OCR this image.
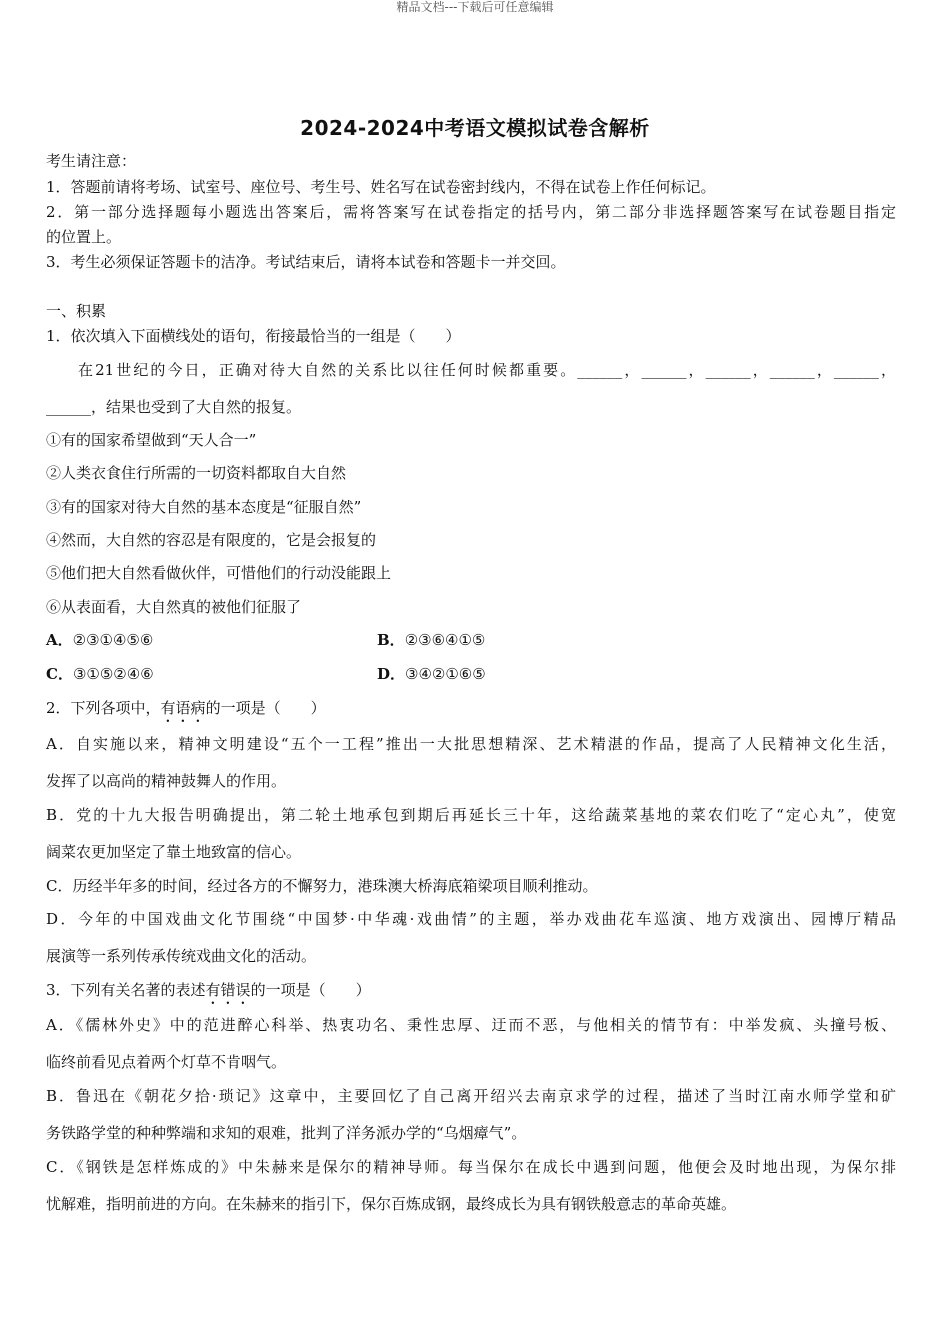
精品文档---下载后可任意编辑
2024-2024中考语文模拟试卷含解析
考生请注意：
1．答题前请将考场、试室号、座位号、考生号、姓名写在试卷密封线内，不得在试卷上作任何标记。
2．第一部分选择题每小题选出答案后，需将答案写在试卷指定的括号内，第二部分非选择题答案写在试卷题目指定
的位置上。
3．考生必须保证答题卡的洁净。考试结束后，请将本试卷和答题卡一并交回。
一、积累
1．依次填入下面横线处的语句，衔接最恰当的一组是（　　）
在21世纪的今日，正确对待大自然的关系比以往任何时候都重要。______，______，______，______，______，
______，结果也受到了大自然的报复。
①有的国家希望做到“天人合一”
②人类衣食住行所需的一切资料都取自大自然
③有的国家对待大自然的基本态度是“征服自然”
④然而，大自然的容忍是有限度的，它是会报复的
⑤他们把大自然看做伙伴，可惜他们的行动没能跟上
⑥从表面看，大自然真的被他们征服了
A．②③①④⑤⑥	B．②③⑥④①⑤
C．③①⑤②④⑥	D．③④②①⑥⑤
2．下列各项中，有语病的一项是（　　）
A．自实施以来，精神文明建设“五个一工程”推出一大批思想精深、艺术精湛的作品，提高了人民精神文化生活，
发挥了以高尚的精神鼓舞人的作用。
B．党的十九大报告明确提出，第二轮土地承包到期后再延长三十年，这给蔬菜基地的菜农们吃了“定心丸”，使宽
阔菜农更加坚定了靠土地致富的信心。
C．历经半年多的时间，经过各方的不懈努力，港珠澳大桥海底箱梁项目顺利推动。
D．今年的中国戏曲文化节围绕“中国梦·中华魂·戏曲情”的主题，举办戏曲花车巡演、地方戏演出、园博厅精品
展演等一系列传承传统戏曲文化的活动。
3．下列有关名著的表述有错误的一项是（　　）
A．《儒林外史》中的范进醉心科举、热衷功名、秉性忠厚、迂而不恶，与他相关的情节有：中举发疯、头撞号板、
临终前看见点着两个灯草不肯咽气。
B．鲁迅在《朝花夕拾·琐记》这章中，主要回忆了自己离开绍兴去南京求学的过程，描述了当时江南水师学堂和矿
务铁路学堂的种种弊端和求知的艰难，批判了洋务派办学的“乌烟瘴气”。
C．《钢铁是怎样炼成的》中朱赫来是保尔的精神导师。每当保尔在成长中遇到问题，他便会及时地出现，为保尔排
忧解难，指明前进的方向。在朱赫来的指引下，保尔百炼成钢，最终成长为具有钢铁般意志的革命英雄。
